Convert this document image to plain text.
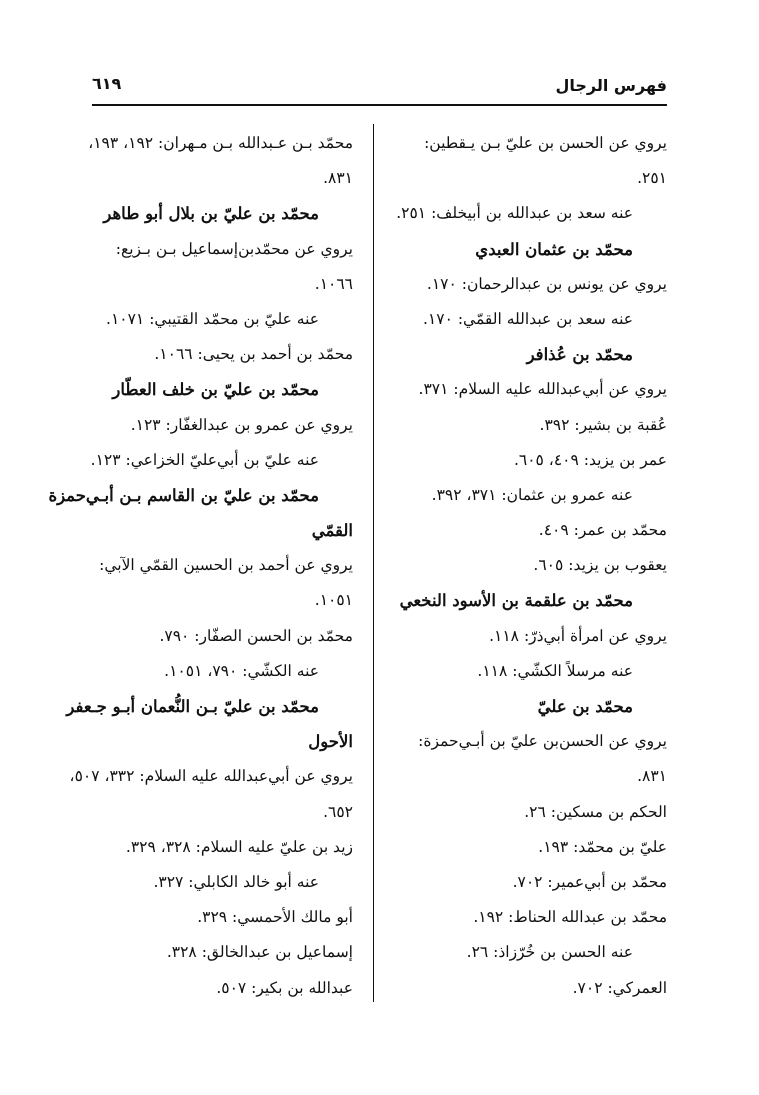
فهرس الرجال
٦١٩
يروي عن الحسن بن عليّ بـن يـقطين:
٢٥١.
عنه سعد بن عبدالله بن أبيخلف: ٢٥١.
محمّد بن عثمان العبدي
يروي عن يونس بن عبدالرحمان: ١٧٠.
عنه سعد بن عبدالله القمّي: ١٧٠.
محمّد بن عُذافر
يروي عن أبي‌عبدالله عليه السلام: ٣٧١.
عُقبة بن بشير: ٣٩٢.
عمر بن يزيد: ٤٠٩، ٦٠٥.
عنه عمرو بن عثمان: ٣٧١، ٣٩٢.
محمّد بن عمر: ٤٠٩.
يعقوب بن يزيد: ٦٠٥.
محمّد بن علقمة بن الأسود النخعي
يروي عن امرأة أبي‌ذرّ: ١١٨.
عنه مرسلاً الكشّي: ١١٨.
محمّد بن عليّ
يروي عن الحسن‌بن عليّ بن أبـي‌حمزة:
٨٣١.
الحكم بن مسكين: ٢٦.
عليّ بن محمّد: ١٩٣.
محمّد بن أبي‌عمير: ٧٠٢.
محمّد بن عبدالله الحناط: ١٩٢.
عنه الحسن بن خُرّزاذ: ٢٦.
العمركي: ٧٠٢.
محمّد بـن عـبدالله بـن مـهران: ١٩٢، ١٩٣،
٨٣١.
محمّد بن عليّ بن بلال أبو طاهر
يروي عن محمّدبن‌إسماعيل بـن بـزيع:
١٠٦٦.
عنه عليّ بن محمّد القتيبي: ١٠٧١.
محمّد بن أحمد بن يحيى: ١٠٦٦.
محمّد بن عليّ بن خلف العطّار
يروي عن عمرو بن عبدالغفّار: ١٢٣.
عنه عليّ بن أبي‌عليّ الخزاعي: ١٢٣.
محمّد بن عليّ بن القاسم بـن أبـي‌حمزة
القمّي
يروي عن أحمد بن الحسين القمّي الآبي:
١٠٥١.
محمّد بن الحسن الصفّار: ٧٩٠.
عنه الكشّي: ٧٩٠، ١٠٥١.
محمّد بن عليّ بـن النُّعمان أبـو جـعفر
الأحول
يروي عن أبي‌عبدالله عليه السلام: ٣٣٢، ٥٠٧،
٦٥٢.
زيد بن عليّ عليه السلام: ٣٢٨، ٣٢٩.
عنه أبو خالد الكابلي: ٣٢٧.
أبو مالك الأحمسي: ٣٢٩.
إسماعيل بن عبدالخالق: ٣٢٨.
عبدالله بن بكير: ٥٠٧.
